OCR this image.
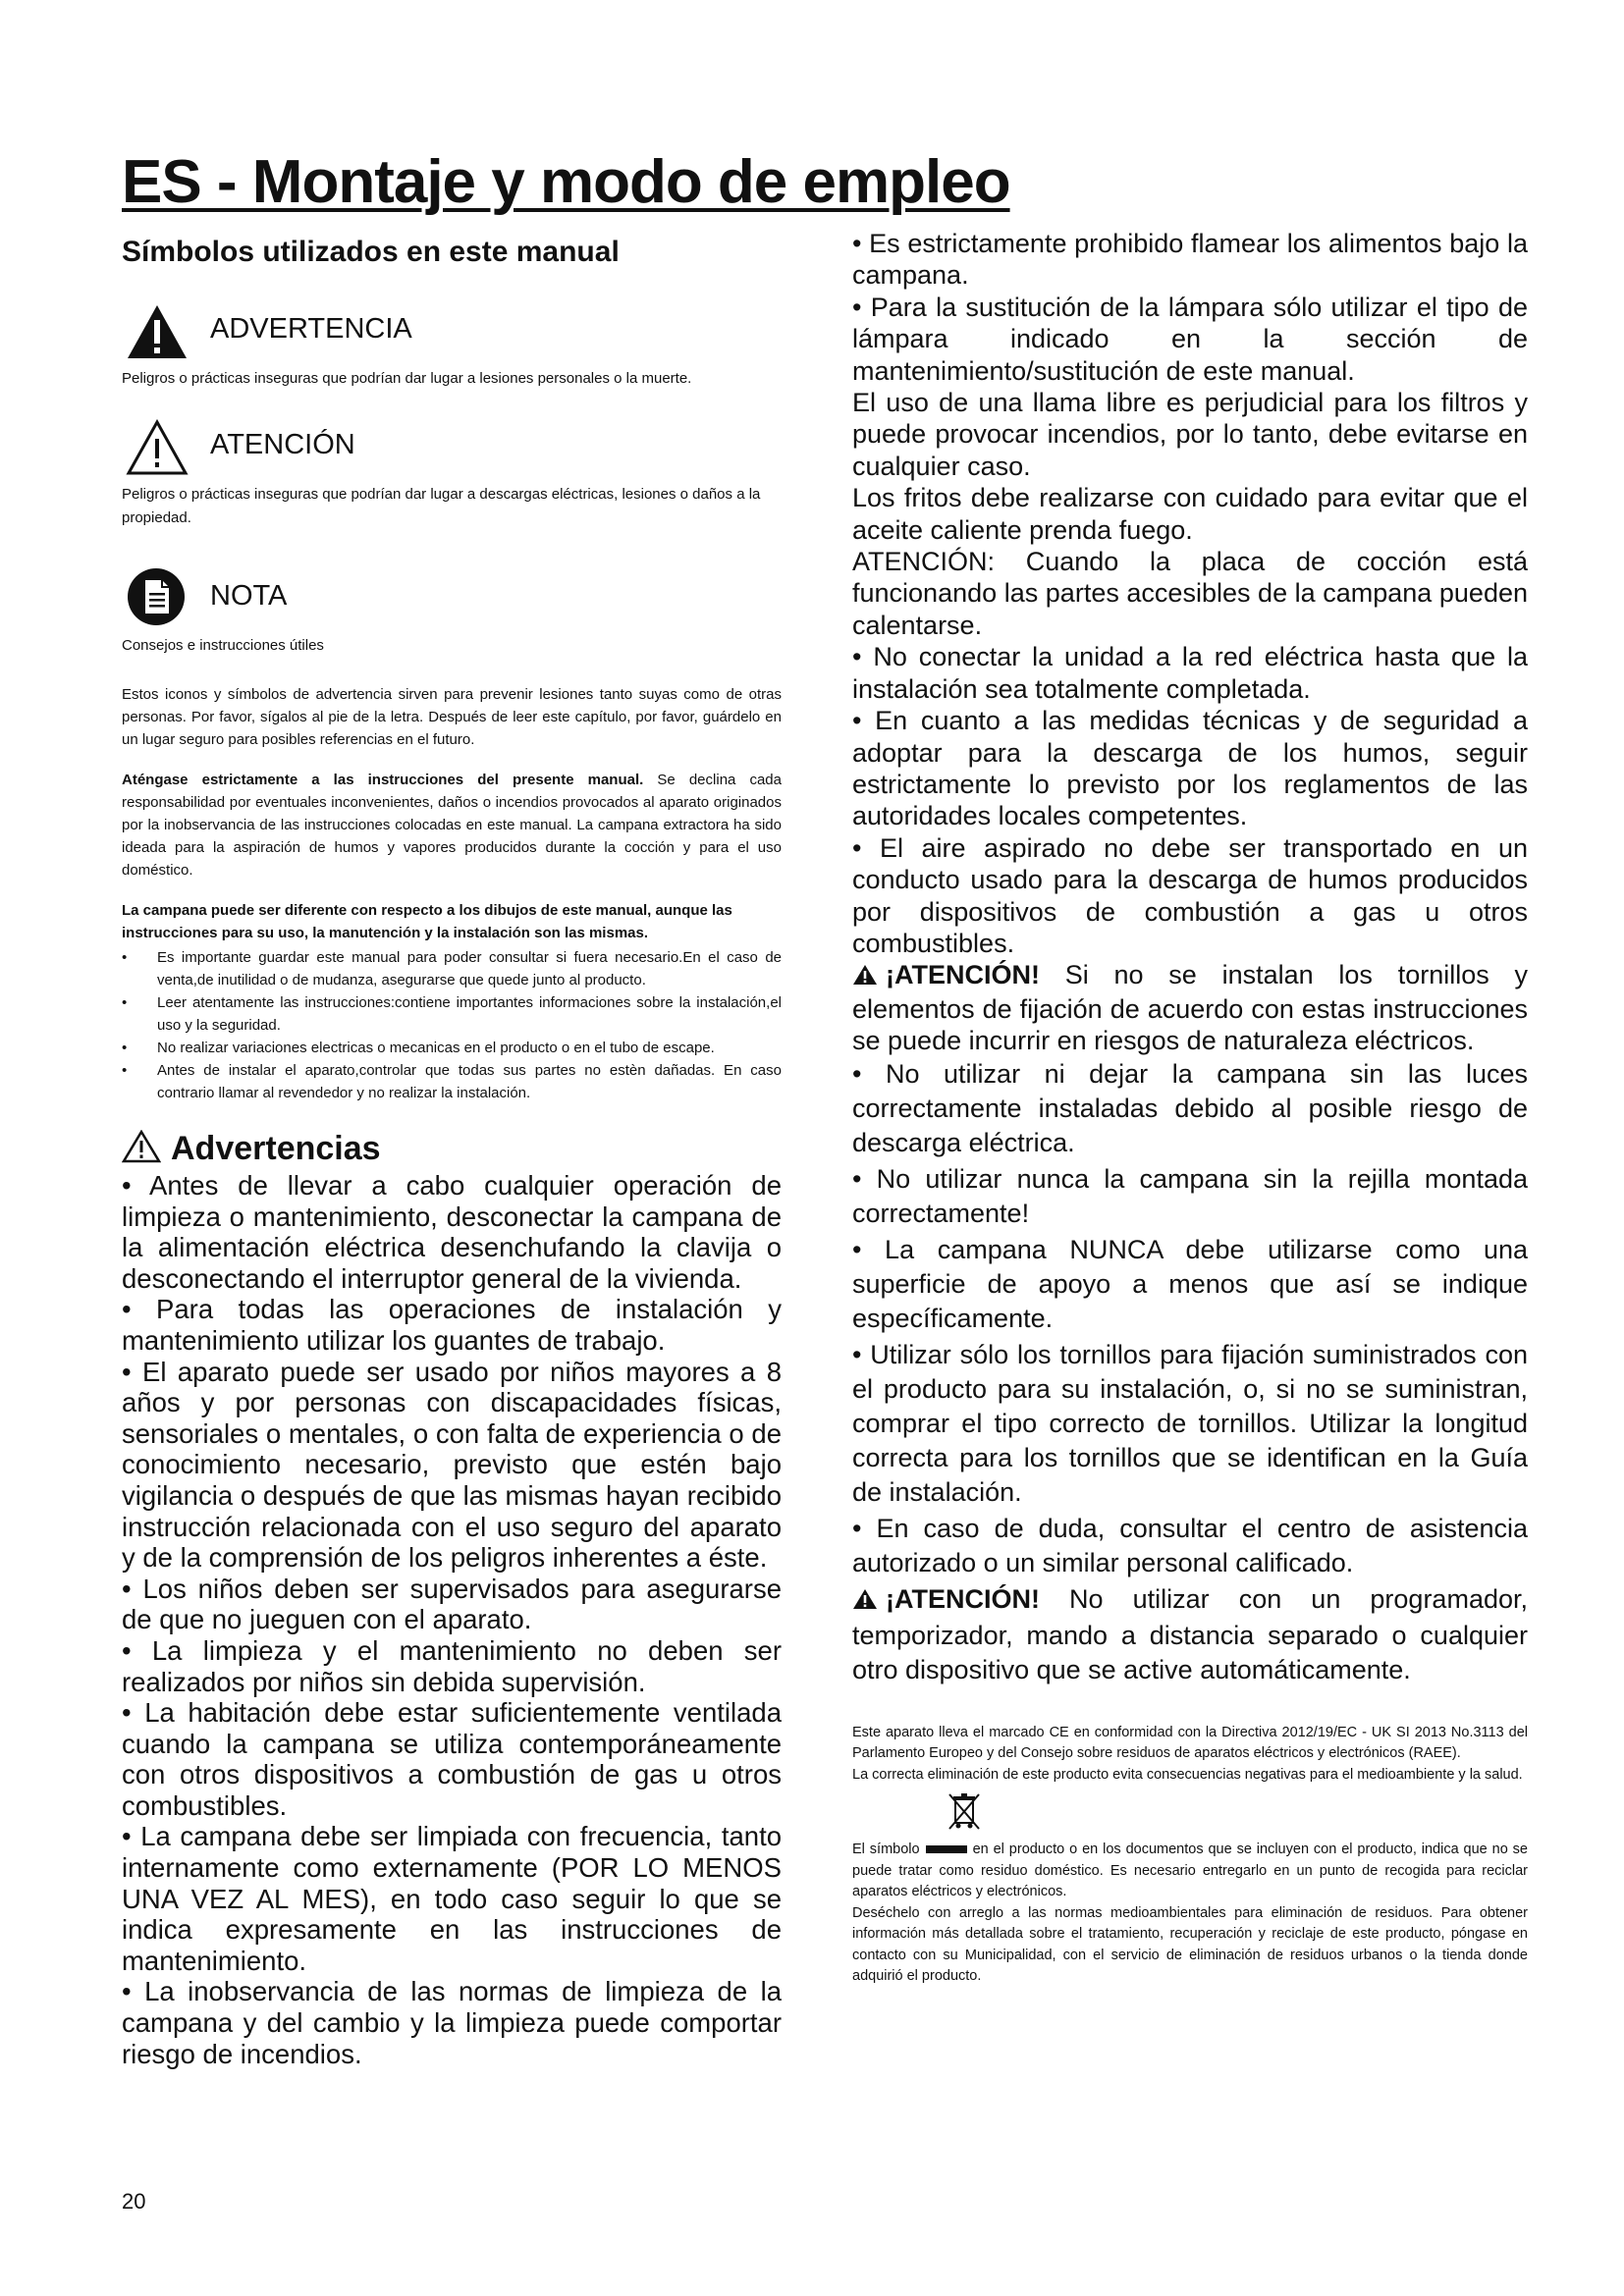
ES - Montaje y modo de empleo
Símbolos utilizados en este manual
ADVERTENCIA
Peligros o prácticas inseguras que podrían dar lugar a lesiones personales o la muerte.
ATENCIÓN
Peligros o prácticas inseguras que podrían dar lugar a descargas eléctricas, lesiones o daños a la propiedad.
NOTA
Consejos e instrucciones útiles

Estos iconos y símbolos de advertencia sirven para prevenir lesiones tanto suyas como de otras personas. Por favor, sígalos al pie de la letra. Después de leer este capítulo, por favor, guárdelo en un lugar seguro para posibles referencias en el futuro.

Aténgase estrictamente a las instrucciones del presente manual. Se declina cada responsabilidad por eventuales inconvenientes, daños o incendios provocados al aparato originados por la inobservancia de las instrucciones colocadas en este manual. La campana extractora ha sido ideada para la aspiración de humos y vapores producidos durante la cocción y para el uso doméstico.

La campana puede ser diferente con respecto a los dibujos de este manual, aunque las instrucciones para su uso, la manutención y la instalación son las mismas.

• Es importante guardar este manual para poder consultar si fuera necesario.En el caso de venta,de inutilidad o de mudanza, asegurarse que quede junto al producto.
• Leer atentamente las instrucciones:contiene importantes informaciones sobre la instalación,el uso y la seguridad.
• No realizar variaciones electricas o mecanicas en el producto o en el tubo de escape.
• Antes de instalar el aparato,controlar que todas sus partes no estèn dañadas. En caso contrario llamar al revendedor y no realizar la instalación.
Advertencias

• Antes de llevar a cabo cualquier operación de limpieza o mantenimiento, desconectar la campana de la alimentación eléctrica desenchufando la clavija o desconectando el interruptor general de la vivienda.

• Para todas las operaciones de instalación y mantenimiento utilizar los guantes de trabajo.

• El aparato puede ser usado por niños mayores a 8 años y por personas con discapacidades físicas, sensoriales o mentales, o con falta de experiencia o de conocimiento necesario, previsto que estén bajo vigilancia o después de que las mismas hayan recibido instrucción relacionada con el uso seguro del aparato y de la comprensión de los peligros inherentes a éste.

• Los niños deben ser supervisados para asegurarse de que no jueguen con el aparato.

• La limpieza y el mantenimiento no deben ser realizados por niños sin debida supervisión.

• La habitación debe estar suficientemente ventilada cuando la campana se utiliza contemporáneamente con otros dispositivos a combustión de gas u otros combustibles.

• La campana debe ser limpiada con frecuencia, tanto internamente como externamente (POR LO MENOS UNA VEZ AL MES), en todo caso seguir lo que se indica expresamente en las instrucciones de mantenimiento.

• La inobservancia de las normas de limpieza de la campana y del cambio y la limpieza puede comportar riesgo de incendios.

• Es estrictamente prohibido flamear los alimentos bajo la campana.

• Para la sustitución de la lámpara sólo utilizar el tipo de lámpara indicado en la sección de mantenimiento/sustitución de este manual.

El uso de una llama libre es perjudicial para los filtros y puede provocar incendios, por lo tanto, debe evitarse en cualquier caso.

Los fritos debe realizarse con cuidado para evitar que el aceite caliente prenda fuego.

ATENCIÓN: Cuando la placa de cocción está funcionando las partes accesibles de la campana pueden calentarse.

• No conectar la unidad a la red eléctrica hasta que la instalación sea totalmente completada.

• En cuanto a las medidas técnicas y de seguridad a adoptar para la descarga de los humos, seguir estrictamente lo previsto por los reglamentos de las autoridades locales competentes.

• El aire aspirado no debe ser transportado en un conducto usado para la descarga de humos producidos por dispositivos de combustión a gas u otros combustibles.

¡ATENCIÓN! Si no se instalan los tornillos y elementos de fijación de acuerdo con estas instrucciones se puede incurrir en riesgos de naturaleza eléctricos.

• No utilizar ni dejar la campana sin las luces correctamente instaladas debido al posible riesgo de descarga eléctrica.

• No utilizar nunca la campana sin la rejilla montada correctamente!

• La campana NUNCA debe utilizarse como una superficie de apoyo a menos que así se indique específicamente.

• Utilizar sólo los tornillos para fijación suministrados con el producto para su instalación, o, si no se suministran, comprar el tipo correcto de tornillos. Utilizar la longitud correcta para los tornillos que se identifican en la Guía de instalación.

• En caso de duda, consultar el centro de asistencia autorizado o un similar personal calificado.

¡ATENCIÓN! No utilizar con un programador, temporizador, mando a distancia separado o cualquier otro dispositivo que se active automáticamente.

Este aparato lleva el marcado CE en conformidad con la Directiva 2012/19/EC - UK SI 2013 No.3113 del Parlamento Europeo y del Consejo sobre residuos de aparatos eléctricos y electrónicos (RAEE).

La correcta eliminación de este producto evita consecuencias negativas para el medioambiente y la salud.

El símbolo	en el producto o en los documentos que se incluyen con el producto, indica que no se puede tratar como residuo doméstico. Es necesario entregarlo en un punto de recogida para reciclar aparatos eléctricos y electrónicos.

Deséchelo con arreglo a las normas medioambientales para eliminación de residuos. Para obtener información más detallada sobre el tratamiento, recuperación y reciclaje de este producto, póngase en contacto con su Municipalidad, con el servicio de eliminación de residuos urbanos o la tienda donde adquirió el producto.

20
